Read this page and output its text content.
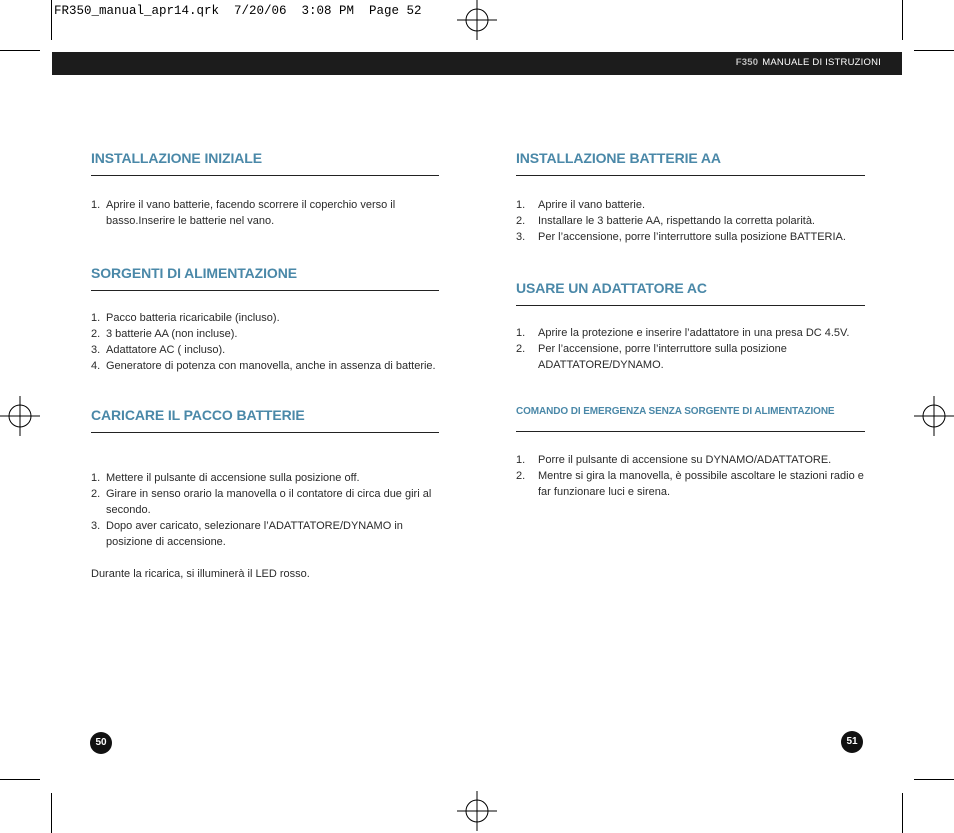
FR350_manual_apr14.qrk  7/20/06  3:08 PM  Page 52
F350 MANUALE DI ISTRUZIONI
INSTALLAZIONE INIZIALE
1. Aprire il vano batterie, facendo scorrere il coperchio verso il basso.Inserire le batterie nel vano.
SORGENTI DI ALIMENTAZIONE
1. Pacco batteria ricaricabile (incluso).
2. 3 batterie AA (non incluse).
3. Adattatore AC ( incluso).
4. Generatore di potenza con manovella, anche in assenza di batterie.
CARICARE IL PACCO BATTERIE
1. Mettere il pulsante di accensione sulla posizione off.
2. Girare in senso orario la manovella o il contatore di circa due giri al secondo.
3. Dopo aver caricato, selezionare l’ADATTATORE/DYNAMO in posizione di accensione.

Durante la ricarica, si illuminerà il LED rosso.

INSTALLAZIONE BATTERIE AA
1. Aprire il vano batterie.
2. Installare le 3 batterie AA, rispettando la corretta polarità.
3. Per l’accensione, porre l’interruttore sulla posizione BATTERIA.
USARE UN ADATTATORE AC
1. Aprire la protezione e inserire l’adattatore in una presa DC 4.5V.
2. Per l’accensione, porre l’interruttore sulla posizione ADATTATORE/DYNAMO.
COMANDO DI EMERGENZA SENZA SORGENTE DI ALIMENTAZIONE
1. Porre il pulsante di accensione su DYNAMO/ADATTATORE.
2. Mentre si gira la manovella, è possibile ascoltare le stazioni radio e far funzionare luci e sirena.
50	51
